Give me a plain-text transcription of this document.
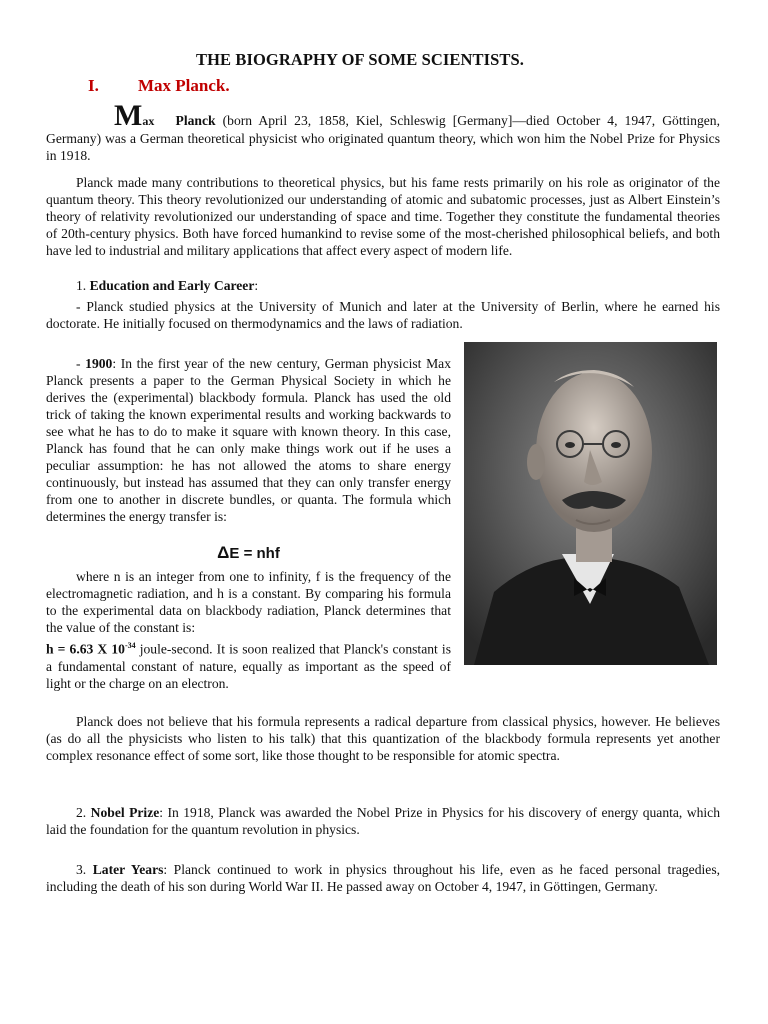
THE BIOGRAPHY OF SOME SCIENTISTS.
I. Max Planck.

Max Planck (born April 23, 1858, Kiel, Schleswig [Germany]—died October 4, 1947, Göttingen, Germany) was a German theoretical physicist who originated quantum theory, which won him the Nobel Prize for Physics in 1918.

Planck made many contributions to theoretical physics, but his fame rests primarily on his role as originator of the quantum theory. This theory revolutionized our understanding of atomic and subatomic processes, just as Albert Einstein’s theory of relativity revolutionized our understanding of space and time. Together they constitute the fundamental theories of 20th-century physics. Both have forced humankind to revise some of the most-cherished philosophical beliefs, and both have led to industrial and military applications that affect every aspect of modern life.

1. Education and Early Career:

- Planck studied physics at the University of Munich and later at the University of Berlin, where he earned his doctorate. He initially focused on thermodynamics and the laws of radiation.

- 1900: In the first year of the new century, German physicist Max Planck presents a paper to the German Physical Society in which he derives the (experimental) blackbody formula. Planck has used the old trick of taking the known experimental results and working backwards to see what he has to do to make it square with known theory. In this case, Planck has found that he can only make things work out if he uses a peculiar assumption: he has not allowed the atoms to share energy continuously, but instead has assumed that they can only transfer energy from one to another in discrete bundles, or quanta. The formula which determines the energy transfer is:

ΔE = nhf

where n is an integer from one to infinity, f is the frequency of the electromagnetic radiation, and h is a constant. By comparing his formula to the experimental data on blackbody radiation, Planck determines that the value of the constant is:

h = 6.63 X $10^{-34}$ joule-second. It is soon realized that Planck's constant is a fundamental constant of nature, equally as important as the speed of light or the charge on an electron.

Planck does not believe that his formula represents a radical departure from classical physics, however. He believes (as do all the physicists who listen to his talk) that this quantization of the blackbody formula represents yet another complex resonance effect of some sort, like those thought to be responsible for atomic spectra.

2. Nobel Prize: In 1918, Planck was awarded the Nobel Prize in Physics for his discovery of energy quanta, which laid the foundation for the quantum revolution in physics.

3. Later Years: Planck continued to work in physics throughout his life, even as he faced personal tragedies, including the death of his son during World War II. He passed away on October 4, 1947, in Göttingen, Germany.
